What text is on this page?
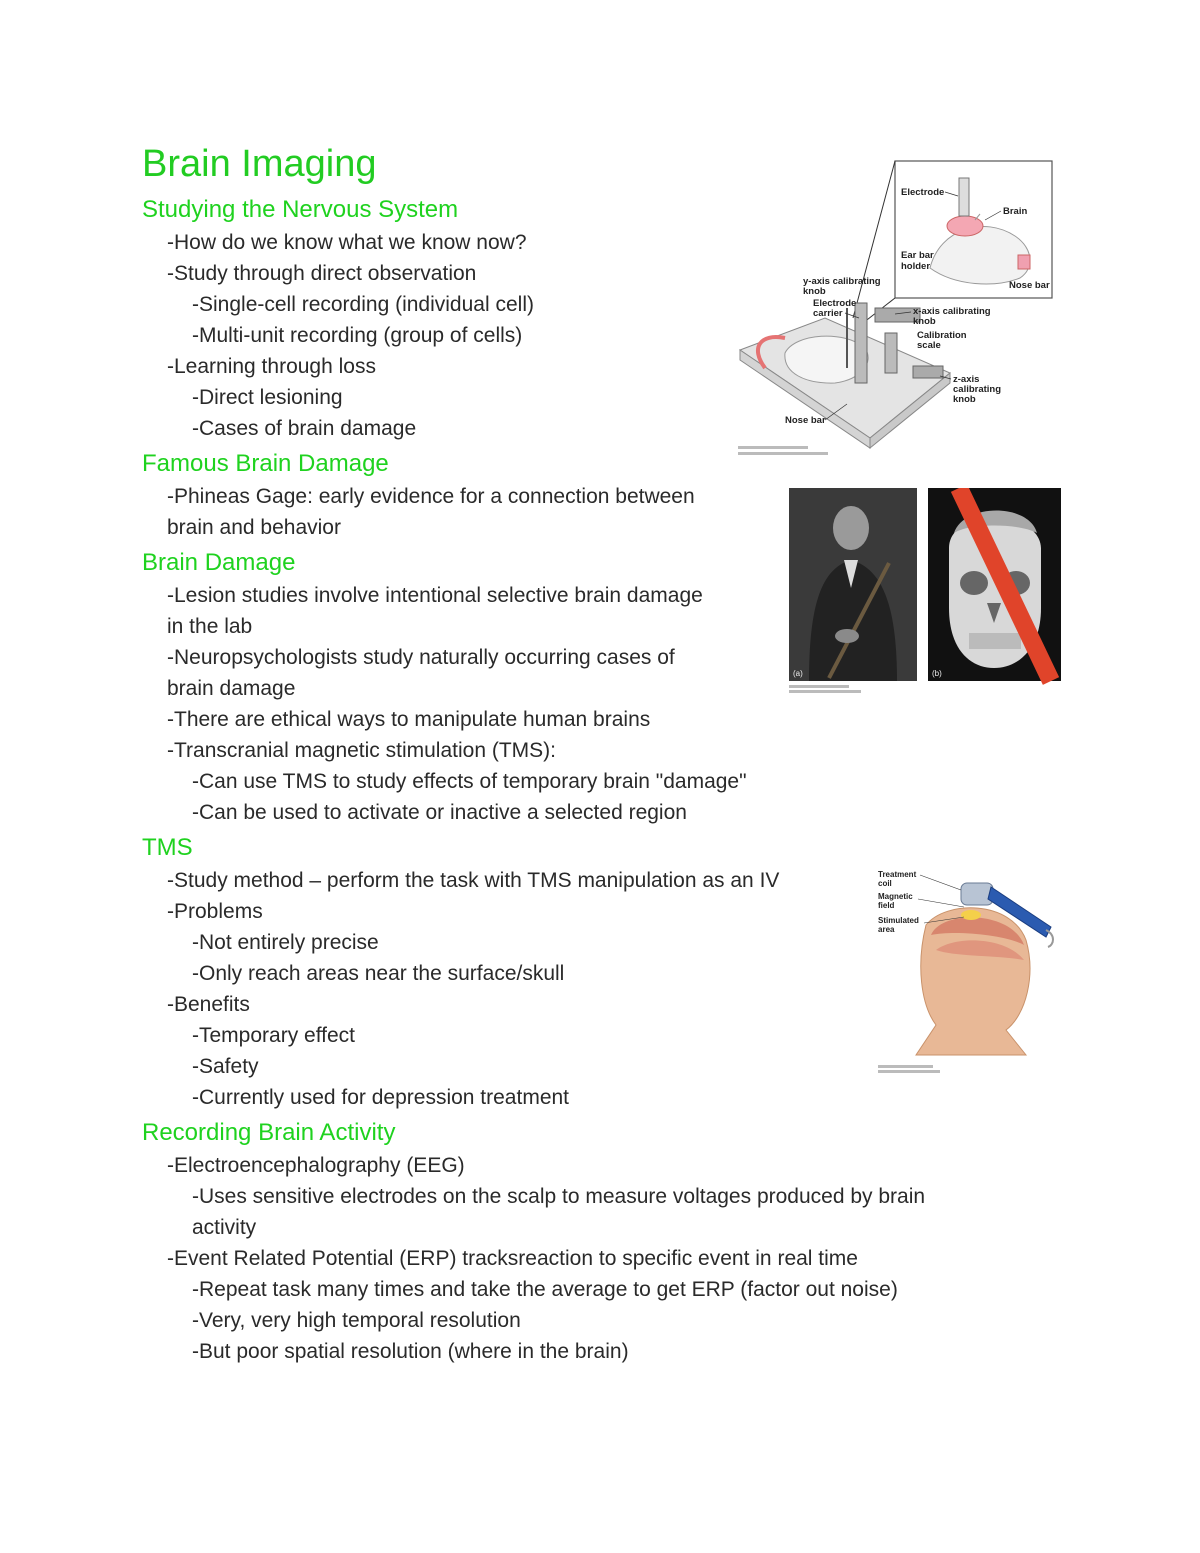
Brain Imaging
Studying the Nervous System

-How do we know what we know now?

-Study through direct observation

-Single-cell recording (individual cell)

-Multi-unit recording (group of cells)

-Learning through loss

-Direct lesioning

-Cases of brain damage

Famous Brain Damage

-Phineas Gage: early evidence for a connection between

brain and behavior

Brain Damage

-Lesion studies involve intentional selective brain damage

in the lab

-Neuropsychologists study naturally occurring cases of

brain damage

-There are ethical ways to manipulate human brains

-Transcranial magnetic stimulation (TMS):

-Can use TMS to study effects of temporary brain "damage"

-Can be used to activate or inactive a selected region

TMS

-Study method – perform the task with TMS manipulation as an IV

-Problems

-Not entirely precise

-Only reach areas near the surface/skull

-Benefits

-Temporary effect

-Safety

-Currently used for depression treatment

Recording Brain Activity

-Electroencephalography (EEG)

-Uses sensitive electrodes on the scalp to measure voltages produced by brain

activity

-Event Related Potential (ERP) tracksreaction to specific event in real time

-Repeat task many times and take the average to get ERP (factor out noise)

-Very, very high temporal resolution

-But poor spatial resolution (where in the brain)

Electrode
Brain
Ear bar
holder
Nose bar
y-axis calibrating
knob
Electrode
carrier	x-axis calibrating
knob
Calibration
scale
z-axis
calibrating
knob
Nose bar
(a)	(b)
Treatment
coil
Magnetic
field
Stimulated
area
